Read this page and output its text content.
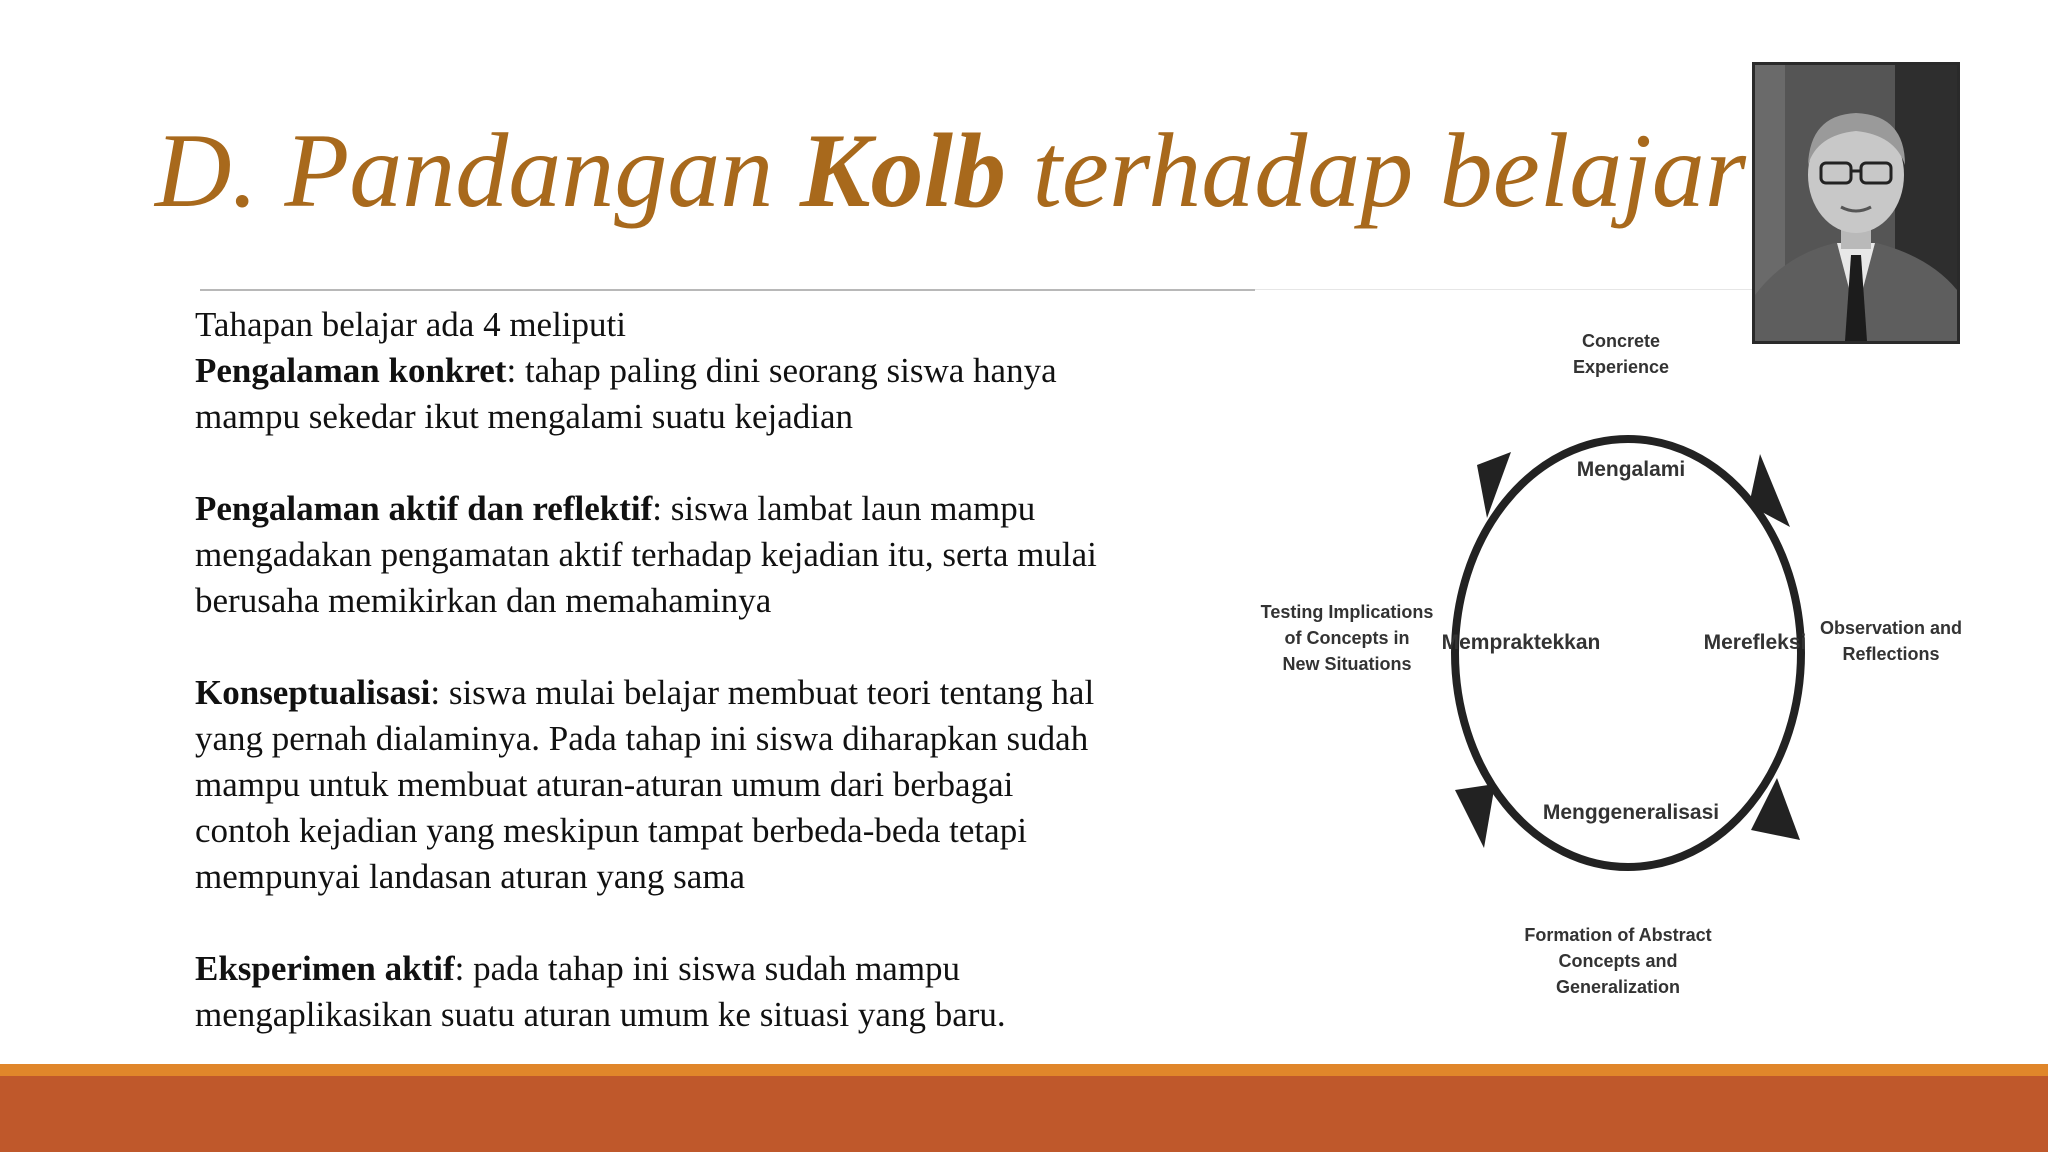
D. Pandangan Kolb terhadap belajar

Tahapan belajar ada 4 meliputi

Pengalaman konkret: tahap paling dini seorang siswa hanya

mampu sekedar ikut mengalami suatu kejadian

Pengalaman aktif dan reflektif: siswa lambat laun mampu

mengadakan pengamatan aktif terhadap kejadian itu, serta mulai

berusaha memikirkan dan memahaminya

Konseptualisasi: siswa mulai belajar membuat teori tentang hal

yang pernah dialaminya. Pada tahap ini siswa diharapkan sudah

mampu untuk membuat aturan-aturan umum dari berbagai

contoh kejadian yang meskipun tampat berbeda-beda tetapi

mempunyai landasan aturan yang sama

Eksperimen aktif: pada tahap ini siswa sudah mampu

mengaplikasikan suatu aturan umum ke situasi yang baru.

Concrete
Experience
Observation and
Reflections
Formation of Abstract
Concepts and
Generalization
Testing Implications
of Concepts in
New Situations
Mengalami
Merefleksi
Menggeneralisasi
Mempraktekkan
